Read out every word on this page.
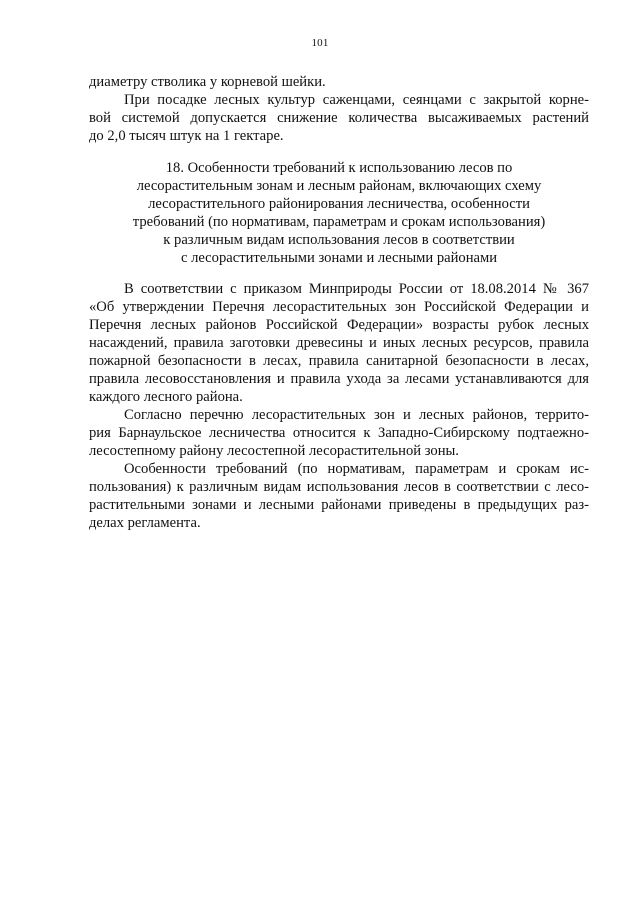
101
диаметру стволика у корневой шейки.
При посадке лесных культур саженцами, сеянцами с закрытой корне-
вой системой допускается снижение количества высаживаемых растений
до 2,0 тысяч штук на 1 гектаре.
18. Особенности требований к использованию лесов по
лесорастительным зонам и лесным районам, включающих схему
лесорастительного районирования лесничества, особенности
требований (по нормативам, параметрам и срокам использования)
к различным видам использования лесов в соответствии
с лесорастительными зонами и лесными районами
В соответствии с приказом Минприроды России от 18.08.2014 № 367
«Об утверждении Перечня лесорастительных зон Российской Федерации и
Перечня лесных районов Российской Федерации» возрасты рубок лесных
насаждений, правила заготовки древесины и иных лесных ресурсов, правила
пожарной безопасности в лесах, правила санитарной безопасности в лесах,
правила лесовосстановления и правила ухода за лесами устанавливаются для
каждого лесного района.
Согласно перечню лесорастительных зон и лесных районов, террито-
рия Барнаульское лесничества относится к Западно-Сибирскому подтаежно-
лесостепному району лесостепной лесорастительной зоны.
Особенности требований (по нормативам, параметрам и срокам ис-
пользования) к различным видам использования лесов в соответствии с лесо-
растительными зонами и лесными районами приведены в предыдущих раз-
делах регламента.
